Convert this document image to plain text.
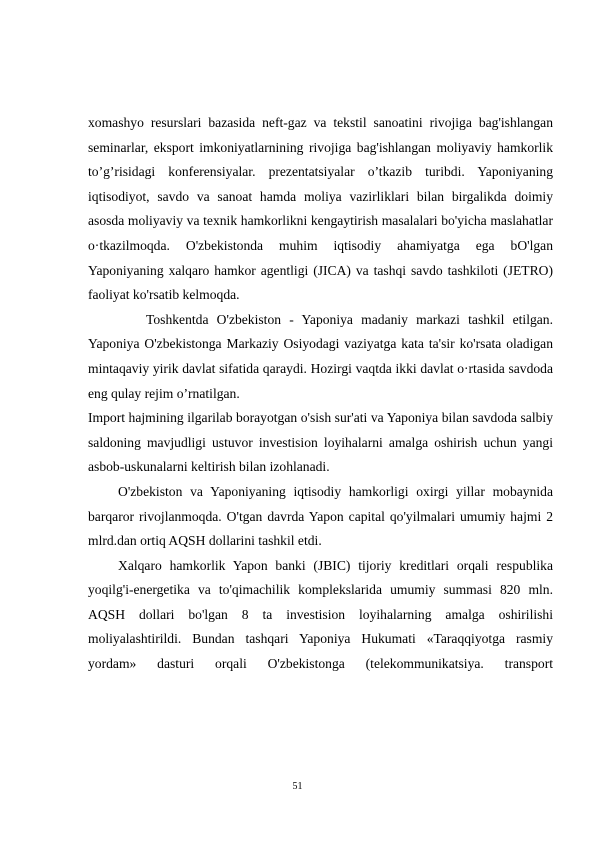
xomashyo resurslari bazasida neft-gaz va tekstil sanoatini rivojiga bag'ishlangan seminarlar, eksport imkoniyatlarnining rivojiga bag'ishlangan moliyaviy hamkorlik to’g’risidagi konferensiyalar. prezentatsiyalar o’tkazib turibdi. Yaponiyaning iqtisodiyot, savdo va sanoat hamda moliya vazirliklari bilan birgalikda doimiy asosda moliyaviy va texnik hamkorlikni kengaytirish masalalari bo'yicha maslahatlar o·tkazilmoqda. O'zbekistonda muhim iqtisodiy ahamiyatga ega bO'lgan Yaponiyaning xalqaro hamkor agentligi (JICA) va tashqi savdo tashkiloti (JETRO) faoliyat ko'rsatib kelmoqda.

Toshkentda O'zbekiston - Yaponiya madaniy markazi tashkil etilgan. Yaponiya O'zbekistonga Markaziy Osiyodagi vaziyatga kata ta'sir ko'rsata oladigan mintaqaviy yirik davlat sifatida qaraydi. Hozirgi vaqtda ikki davlat o·rtasida savdoda eng qulay rejim o’rnatilgan.

Import hajmining ilgarilab borayotgan o'sish sur'ati va Yaponiya bilan savdoda salbiy saldoning mavjudligi ustuvor investision loyihalarni amalga oshirish uchun yangi asbob-uskunalarni keltirish bilan izohlanadi.

O'zbekiston va Yaponiyaning iqtisodiy hamkorligi oxirgi yillar mobaynida barqaror rivojlanmoqda. O'tgan davrda Yapon capital qo'yilmalari umumiy hajmi 2 mlrd.dan ortiq AQSH dollarini tashkil etdi.

Xalqaro hamkorlik Yapon banki (JBIC) tijoriy kreditlari orqali respublika yoqilg'i-energetika va to'qimachilik komplekslarida umumiy summasi 820 mln. AQSH dollari bo'lgan 8 ta investision loyihalarning amalga oshirilishi moliyalashtirildi. Bundan tashqari Yaponiya Hukumati «Taraqqiyotga rasmiy yordam» dasturi orqali O'zbekistonga (telekommunikatsiya. transport

51
